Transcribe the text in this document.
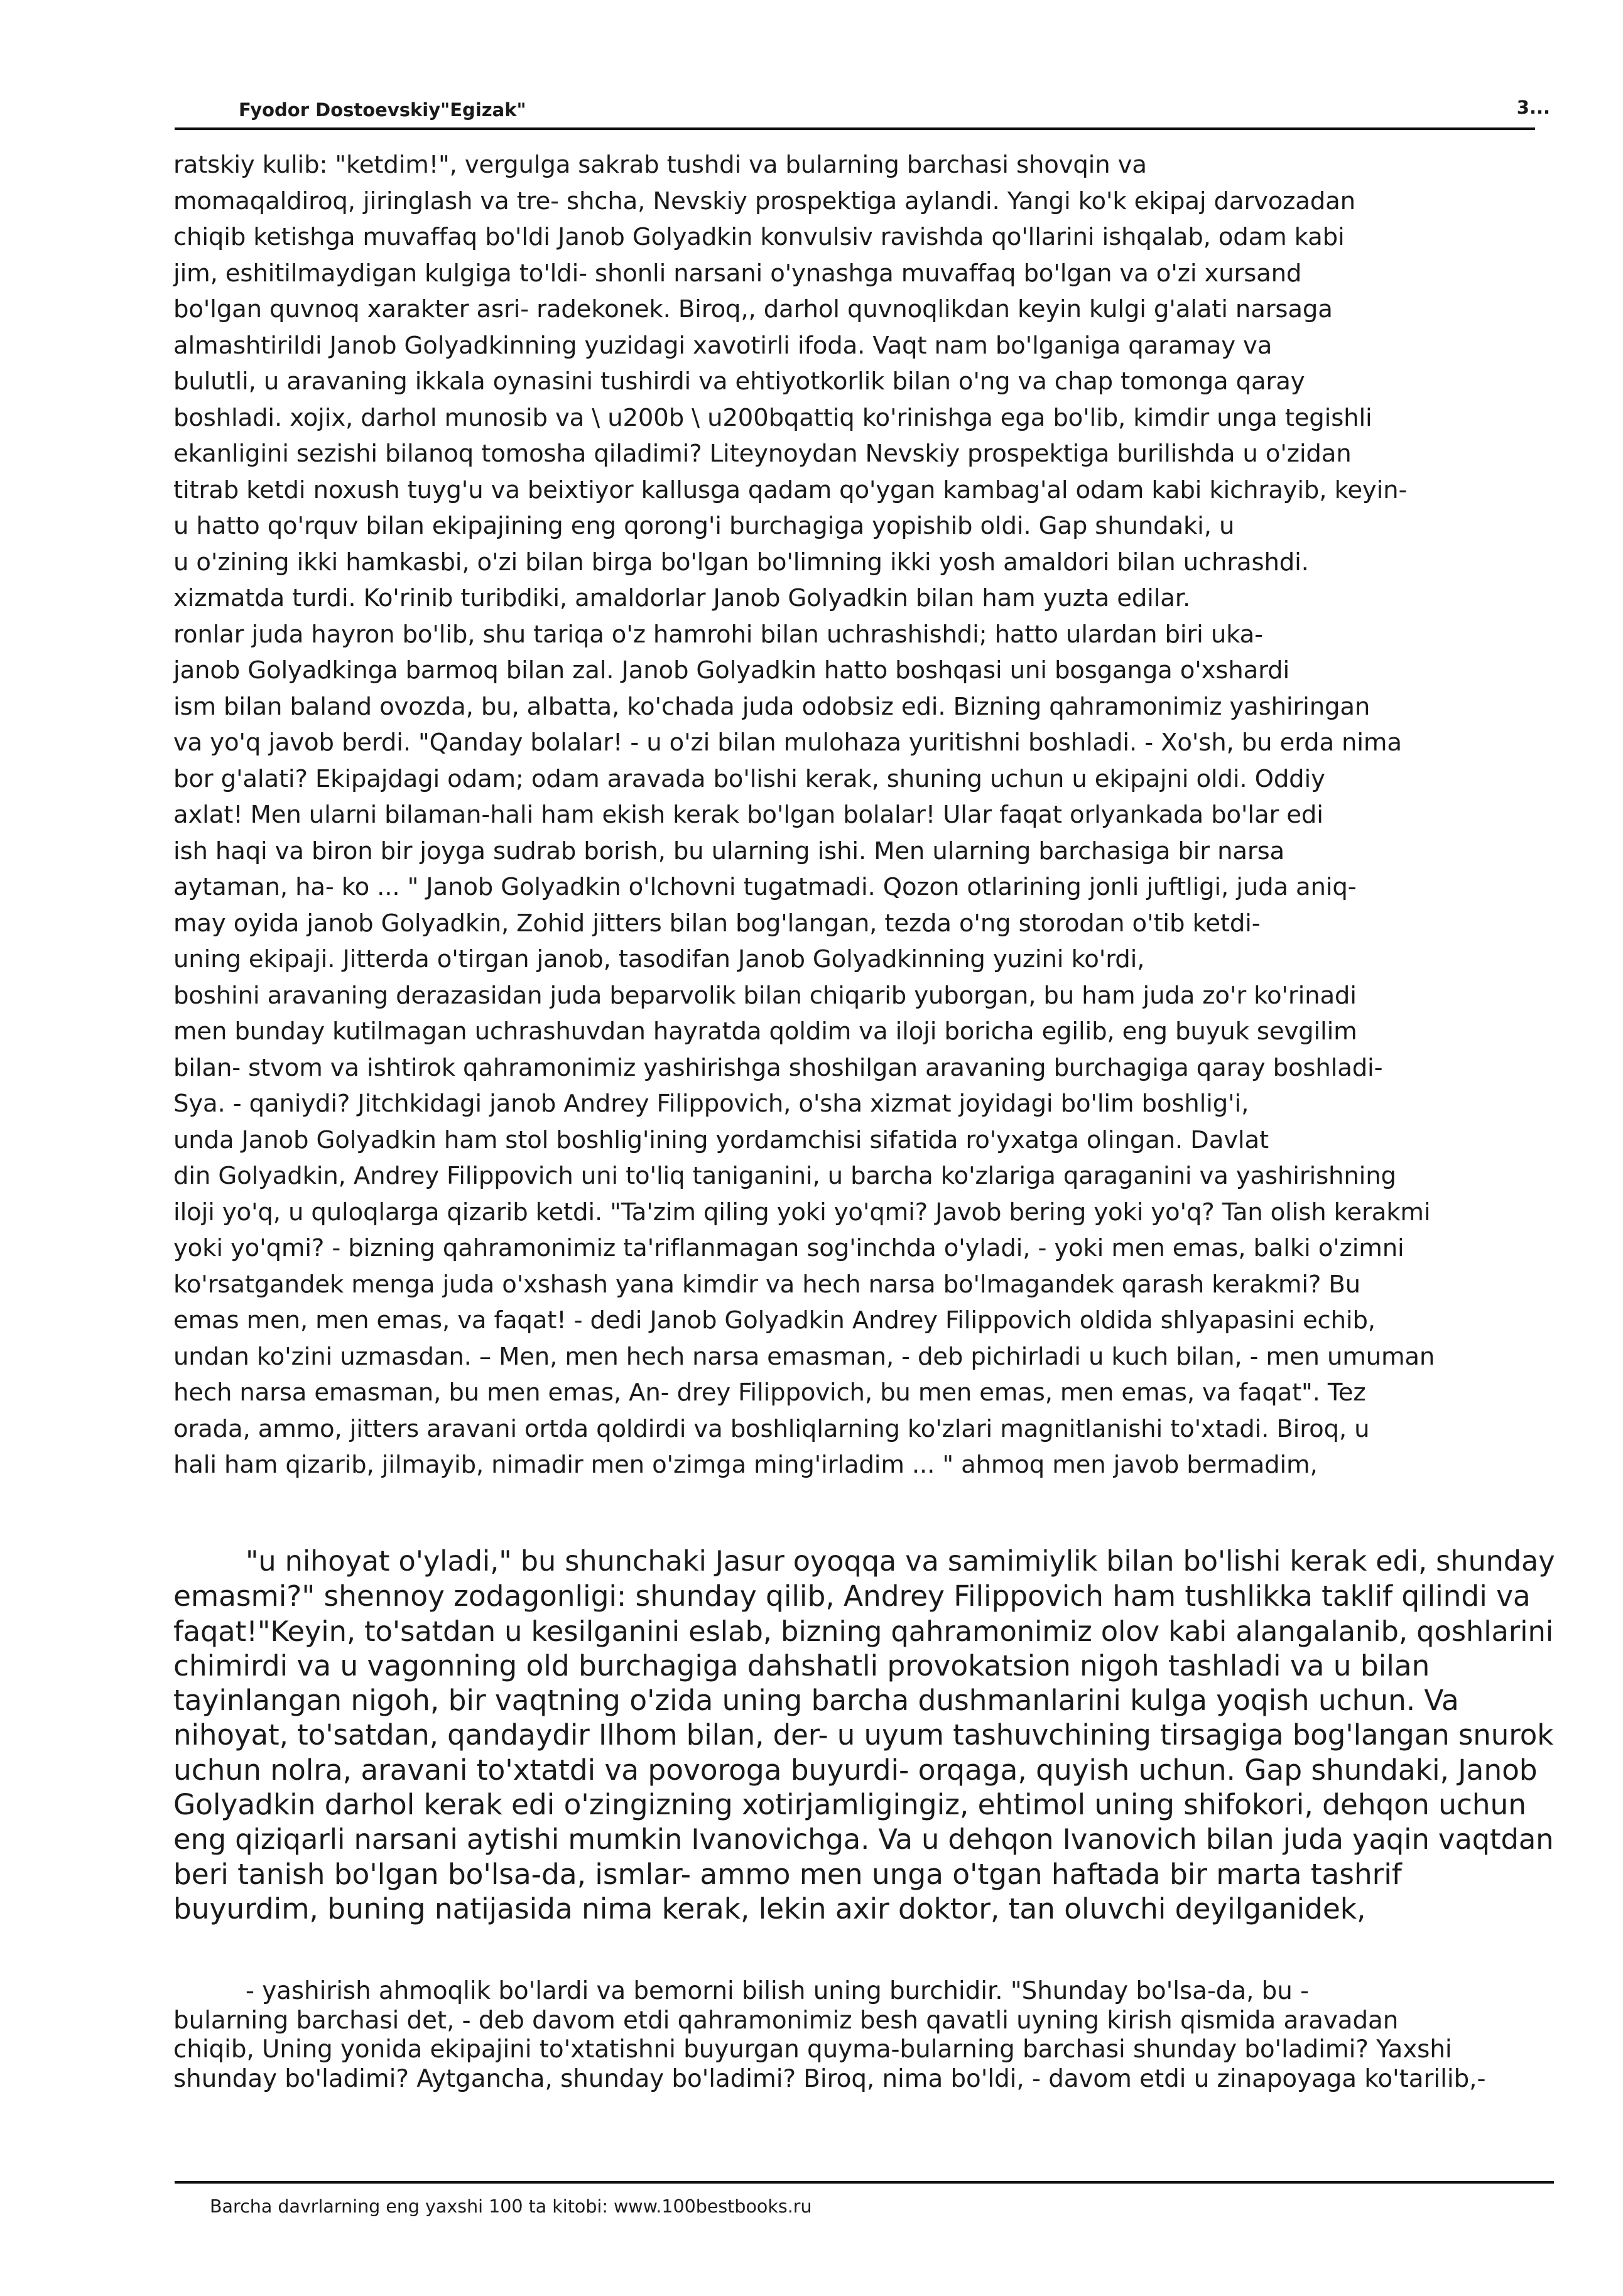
Fyodor Dostoevskiy"Egizak"	3...
ratskiy kulib: "ketdim!", vergulga sakrab tushdi va bularning barchasi shovqin va
momaqaldiroq, jiringlash va tre- shcha, Nevskiy prospektiga aylandi. Yangi ko'k ekipaj darvozadan
chiqib ketishga muvaffaq bo'ldi Janob Golyadkin konvulsiv ravishda qo'llarini ishqalab, odam kabi
jim, eshitilmaydigan kulgiga to'ldi- shonli narsani o'ynashga muvaffaq bo'lgan va o'zi xursand
bo'lgan quvnoq xarakter asri- radekonek. Biroq,, darhol quvnoqlikdan keyin kulgi g'alati narsaga
almashtirildi Janob Golyadkinning yuzidagi xavotirli ifoda. Vaqt nam bo'lganiga qaramay va
bulutli, u aravaning ikkala oynasini tushirdi va ehtiyotkorlik bilan o'ng va chap tomonga qaray
boshladi. xojix, darhol munosib va \ u200b \ u200bqattiq ko'rinishga ega bo'lib, kimdir unga tegishli
ekanligini sezishi bilanoq tomosha qiladimi? Liteynoydan Nevskiy prospektiga burilishda u o'zidan
titrab ketdi noxush tuyg'u va beixtiyor kallusga qadam qo'ygan kambag'al odam kabi kichrayib, keyin-
u hatto qo'rquv bilan ekipajining eng qorong'i burchagiga yopishib oldi. Gap shundaki, u
u o'zining ikki hamkasbi, o'zi bilan birga bo'lgan bo'limning ikki yosh amaldori bilan uchrashdi.
xizmatda turdi. Ko'rinib turibdiki, amaldorlar Janob Golyadkin bilan ham yuzta edilar.
ronlar juda hayron bo'lib, shu tariqa o'z hamrohi bilan uchrashishdi; hatto ulardan biri uka-
janob Golyadkinga barmoq bilan zal. Janob Golyadkin hatto boshqasi uni bosganga o'xshardi
ism bilan baland ovozda, bu, albatta, ko'chada juda odobsiz edi. Bizning qahramonimiz yashiringan
va yo'q javob berdi. "Qanday bolalar! - u o'zi bilan mulohaza yuritishni boshladi. - Xo'sh, bu erda nima
bor g'alati? Ekipajdagi odam; odam aravada bo'lishi kerak, shuning uchun u ekipajni oldi. Oddiy
axlat! Men ularni bilaman-hali ham ekish kerak bo'lgan bolalar! Ular faqat orlyankada bo'lar edi
ish haqi va biron bir joyga sudrab borish, bu ularning ishi. Men ularning barchasiga bir narsa
aytaman, ha- ko ... " Janob Golyadkin o'lchovni tugatmadi. Qozon otlarining jonli juftligi, juda aniq-
may oyida janob Golyadkin, Zohid jitters bilan bog'langan, tezda o'ng storodan o'tib ketdi-
uning ekipaji. Jitterda o'tirgan janob, tasodifan Janob Golyadkinning yuzini ko'rdi,
boshini aravaning derazasidan juda beparvolik bilan chiqarib yuborgan, bu ham juda zo'r ko'rinadi
men bunday kutilmagan uchrashuvdan hayratda qoldim va iloji boricha egilib, eng buyuk sevgilim
bilan- stvom va ishtirok qahramonimiz yashirishga shoshilgan aravaning burchagiga qaray boshladi-
Sya. - qaniydi? Jitchkidagi janob Andrey Filippovich, o'sha xizmat joyidagi bo'lim boshlig'i,
unda Janob Golyadkin ham stol boshlig'ining yordamchisi sifatida ro'yxatga olingan. Davlat
din Golyadkin, Andrey Filippovich uni to'liq taniganini, u barcha ko'zlariga qaraganini va yashirishning
iloji yo'q, u quloqlarga qizarib ketdi. "Ta'zim qiling yoki yo'qmi? Javob bering yoki yo'q? Tan olish kerakmi
yoki yo'qmi? - bizning qahramonimiz ta'riflanmagan sog'inchda o'yladi, - yoki men emas, balki o'zimni
ko'rsatgandek menga juda o'xshash yana kimdir va hech narsa bo'lmagandek qarash kerakmi? Bu
emas men, men emas, va faqat! - dedi Janob Golyadkin Andrey Filippovich oldida shlyapasini echib,
undan ko'zini uzmasdan. – Men, men hech narsa emasman, - deb pichirladi u kuch bilan, - men umuman
hech narsa emasman, bu men emas, An- drey Filippovich, bu men emas, men emas, va faqat". Tez
orada, ammo, jitters aravani ortda qoldirdi va boshliqlarning ko'zlari magnitlanishi to'xtadi. Biroq, u
hali ham qizarib, jilmayib, nimadir men o'zimga ming'irladim ... " ahmoq men javob bermadim,
"u nihoyat o'yladi," bu shunchaki Jasur oyoqqa va samimiylik bilan bo'lishi kerak edi, shunday
emasmi?" shennoy zodagonligi: shunday qilib, Andrey Filippovich ham tushlikka taklif qilindi va
faqat!"Keyin, to'satdan u kesilganini eslab, bizning qahramonimiz olov kabi alangalanib, qoshlarini
chimirdi va u vagonning old burchagiga dahshatli provokatsion nigoh tashladi va u bilan
tayinlangan nigoh, bir vaqtning o'zida uning barcha dushmanlarini kulga yoqish uchun. Va
nihoyat, to'satdan, qandaydir Ilhom bilan, der- u uyum tashuvchining tirsagiga bog'langan snurok
uchun nolra, aravani to'xtatdi va povoroga buyurdi- orqaga, quyish uchun. Gap shundaki, Janob
Golyadkin darhol kerak edi o'zingizning xotirjamligingiz, ehtimol uning shifokori, dehqon uchun
eng qiziqarli narsani aytishi mumkin Ivanovichga. Va u dehqon Ivanovich bilan juda yaqin vaqtdan
beri tanish bo'lgan bo'lsa-da, ismlar- ammo men unga o'tgan haftada bir marta tashrif
buyurdim, buning natijasida nima kerak, lekin axir doktor, tan oluvchi deyilganidek,
- yashirish ahmoqlik bo'lardi va bemorni bilish uning burchidir. "Shunday bo'lsa-da, bu -
bularning barchasi det, - deb davom etdi qahramonimiz besh qavatli uyning kirish qismida aravadan
chiqib, Uning yonida ekipajini to'xtatishni buyurgan quyma-bularning barchasi shunday bo'ladimi? Yaxshi
shunday bo'ladimi? Aytgancha, shunday bo'ladimi? Biroq, nima bo'ldi, - davom etdi u zinapoyaga ko'tarilib,-
Barcha davrlarning eng yaxshi 100 ta kitobi: www.100bestbooks.ru
